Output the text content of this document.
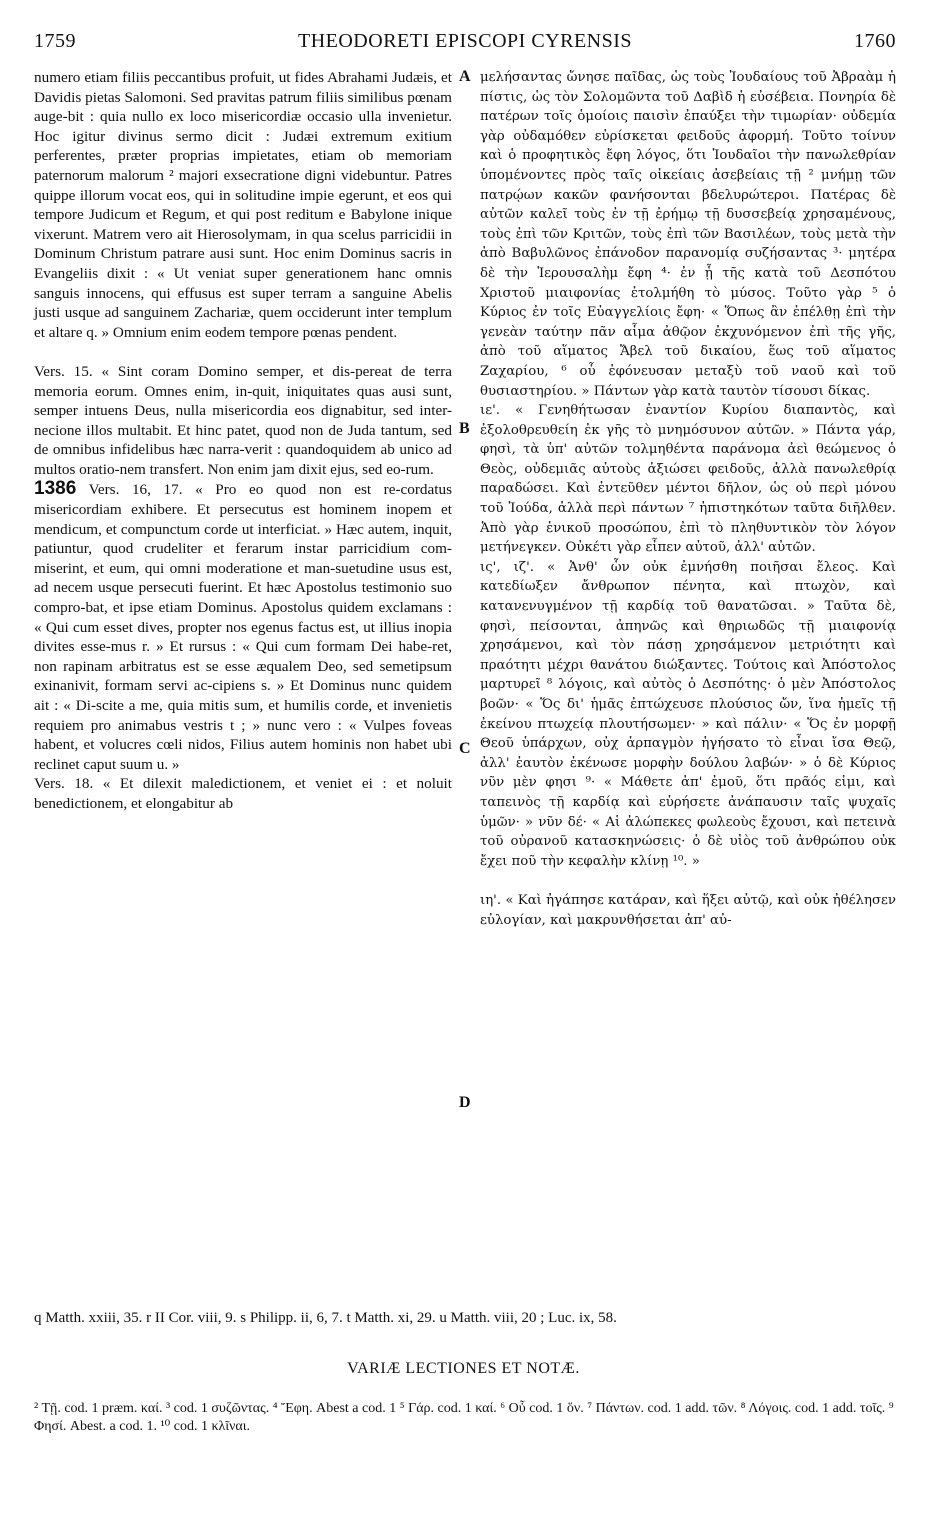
1759	THEODORETI EPISCOPI CYRENSIS	1760

numero etiam filiis peccantibus profuit, ut fides Abrahami Judæis, et Davidis pietas Salomoni. Sed pravitas patrum filiis similibus pœnam auge-bit : quia nullo ex loco misericordiæ occasio ulla invenietur. Hoc igitur divinus sermo dicit : Judæi extremum exitium perferentes, præter proprias impietates, etiam ob memoriam paternorum malorum ² majori exsecratione digni videbuntur. Patres quippe illorum vocat eos, qui in solitudine impie egerunt, et eos qui tempore Judicum et Regum, et qui post reditum e Babylone inique vixerunt. Matrem vero ait Hierosolymam, in qua scelus parricidii in Dominum Christum patrare ausi sunt. Hoc enim Dominus sacris in Evangeliis dixit : « Ut veniat super generationem hanc omnis sanguis innocens, qui effusus est super terram a sanguine Abelis justi usque ad sanguinem Zachariæ, quem occiderunt inter templum et altare q. » Omnium enim eodem tempore pœnas pendent.

Vers. 15. « Sint coram Domino semper, et dis-pereat de terra memoria eorum. Omnes enim, in-quit, iniquitates quas ausi sunt, semper intuens Deus, nulla misericordia eos dignabitur, sed inter-necione illos multabit. Et hinc patet, quod non de Juda tantum, sed de omnibus infidelibus hæc narra-verit : quandoquidem ab unico ad multos oratio-nem transfert. Non enim jam dixit ejus, sed eo-rum.

1386 Vers. 16, 17. « Pro eo quod non est re-cordatus misericordiam exhibere. Et persecutus est hominem inopem et mendicum, et compunctum corde ut interficiat. » Hæc autem, inquit, patiuntur, quod crudeliter et ferarum instar parricidium com-miserint, et eum, qui omni moderatione et man-suetudine usus est, ad necem usque persecuti fuerint. Et hæc Apostolus testimonio suo compro-bat, et ipse etiam Dominus. Apostolus quidem exclamans : « Qui cum esset dives, propter nos egenus factus est, ut illius inopia divites esse-mus r. » Et rursus : « Qui cum formam Dei habe-ret, non rapinam arbitratus est se esse æqualem Deo, sed semetipsum exinanivit, formam servi ac-cipiens s. » Et Dominus nunc quidem ait : « Di-scite a me, quia mitis sum, et humilis corde, et invenietis requiem pro animabus vestris t ; » nunc vero : « Vulpes foveas habent, et volucres cœli nidos, Filius autem hominis non habet ubi reclinet caput suum u. »

Vers. 18. « Et dilexit maledictionem, et veniet ei : et noluit benedictionem, et elongabitur ab

A
B
C
D

μελήσαντας ὤνησε παῖδας, ὡς τοὺς Ἰουδαίους τοῦ Ἀβραὰμ ἡ πίστις, ὡς τὸν Σολομῶντα τοῦ Δαβὶδ ἡ εὐσέβεια. Πονηρία δὲ πατέρων τοῖς ὁμοίοις παισὶν ἐπαύξει τὴν τιμωρίαν· οὐδεμία γὰρ οὐδαμόθεν εὑρίσκεται φειδοῦς ἀφορμή. Τοῦτο τοίνυν καὶ ὁ προφητικὸς ἔφη λόγος, ὅτι Ἰουδαῖοι τὴν πανωλεθρίαν ὑπομένοντες πρὸς ταῖς οἰκείαις ἀσεβείαις τῇ ² μνήμῃ τῶν πατρῴων κακῶν φανήσονται βδελυρώτεροι. Πατέρας δὲ αὐτῶν καλεῖ τοὺς ἐν τῇ ἐρήμῳ τῇ δυσσεβείᾳ χρησαμένους, τοὺς ἐπὶ τῶν Κριτῶν, τοὺς ἐπὶ τῶν Βασιλέων, τοὺς μετὰ τὴν ἀπὸ Βαβυλῶνος ἐπάνοδον παρανομίᾳ συζήσαντας ³· μητέρα δὲ τὴν Ἱερουσαλὴμ ἔφη ⁴· ἐν ᾗ τῆς κατὰ τοῦ Δεσπότου Χριστοῦ μιαιφονίας ἐτολμήθη τὸ μύσος. Τοῦτο γὰρ ⁵ ὁ Κύριος ἐν τοῖς Εὐαγγελίοις ἔφη· « Ὅπως ἂν ἐπέλθῃ ἐπὶ τὴν γενεὰν ταύτην πᾶν αἷμα ἀθῷον ἐκχυνόμενον ἐπὶ τῆς γῆς, ἀπὸ τοῦ αἵματος Ἄβελ τοῦ δικαίου, ἕως τοῦ αἵματος Ζαχαρίου, ⁶ οὗ ἐφόνευσαν μεταξὺ τοῦ ναοῦ καὶ τοῦ θυσιαστηρίου. » Πάντων γὰρ κατὰ ταυτὸν τίσουσι δίκας.

ιε'. « Γενηθήτωσαν ἐναντίον Κυρίου διαπαντὸς, καὶ ἐξολοθρευθείη ἐκ γῆς τὸ μνημόσυνον αὐτῶν. » Πάντα γάρ, φησὶ, τὰ ὑπ' αὐτῶν τολμηθέντα παράνομα ἀεὶ θεώμενος ὁ Θεὸς, οὐδεμιᾶς αὐτοὺς ἀξιώσει φειδοῦς, ἀλλὰ πανωλεθρίᾳ παραδώσει. Καὶ ἐντεῦθεν μέντοι δῆλον, ὡς οὐ περὶ μόνου τοῦ Ἰούδα, ἀλλὰ περὶ πάντων ⁷ ἠπιστηκότων ταῦτα διῆλθεν. Ἀπὸ γὰρ ἑνικοῦ προσώπου, ἐπὶ τὸ πληθυντικὸν τὸν λόγον μετήνεγκεν. Οὐκέτι γὰρ εἶπεν αὐτοῦ, ἀλλ' αὐτῶν.

ις', ιζ'. « Ἀνθ' ὧν οὐκ ἐμνήσθη ποιῆσαι ἔλεος. Καὶ κατεδίωξεν ἄνθρωπον πένητα, καὶ πτωχὸν, καὶ κατανενυγμένον τῇ καρδίᾳ τοῦ θανατῶσαι. » Ταῦτα δὲ, φησὶ, πείσονται, ἀπηνῶς καὶ θηριωδῶς τῇ μιαιφονίᾳ χρησάμενοι, καὶ τὸν πάσῃ χρησάμενον μετριότητι καὶ πραότητι μέχρι θανάτου διώξαντες. Τούτοις καὶ Ἀπόστολος μαρτυρεῖ ⁸ λόγοις, καὶ αὐτὸς ὁ Δεσπότης· ὁ μὲν Ἀπόστολος βοῶν· « Ὅς δι' ἡμᾶς ἐπτώχευσε πλούσιος ὤν, ἵνα ἡμεῖς τῇ ἐκείνου πτωχείᾳ πλουτήσωμεν· » καὶ πάλιν· « Ὅς ἐν μορφῇ Θεοῦ ὑπάρχων, οὐχ ἁρπαγμὸν ἡγήσατο τὸ εἶναι ἴσα Θεῷ, ἀλλ' ἑαυτὸν ἐκένωσε μορφὴν δούλου λαβών· » ὁ δὲ Κύριος νῦν μὲν φησι ⁹· « Μάθετε ἀπ' ἐμοῦ, ὅτι πρᾶός εἰμι, καὶ ταπεινὸς τῇ καρδίᾳ καὶ εὑρήσετε ἀνάπαυσιν ταῖς ψυχαῖς ὑμῶν· » νῦν δέ· « Αἱ ἀλώπεκες φωλεοὺς ἔχουσι, καὶ πετεινὰ τοῦ οὐρανοῦ κατασκηνώσεις· ὁ δὲ υἱὸς τοῦ ἀνθρώπου οὐκ ἔχει ποῦ τὴν κεφαλὴν κλίνῃ ¹⁰. »

ιη'. « Καὶ ἠγάπησε κατάραν, καὶ ἥξει αὐτῷ, καὶ οὐκ ἠθέλησεν εὐλογίαν, καὶ μακρυνθήσεται ἀπ' αὐ-

q Matth. xxiii, 35. r II Cor. viii, 9. s Philipp. ii, 6, 7. t Matth. xi, 29. u Matth. viii, 20 ; Luc. ix, 58.
VARIÆ LECTIONES ET NOTÆ.
² Τῇ. cod. 1 præm. καί. ³ cod. 1 συζῶντας. ⁴ Ἔφη. Abest a cod. 1 ⁵ Γάρ. cod. 1 καί. ⁶ Οὗ cod. 1 ὅν. ⁷ Πάντων. cod. 1 add. τῶν. ⁸ Λόγοις. cod. 1 add. τοῖς. ⁹ Φησί. Abest. a cod. 1. ¹⁰ cod. 1 κλῖναι.
